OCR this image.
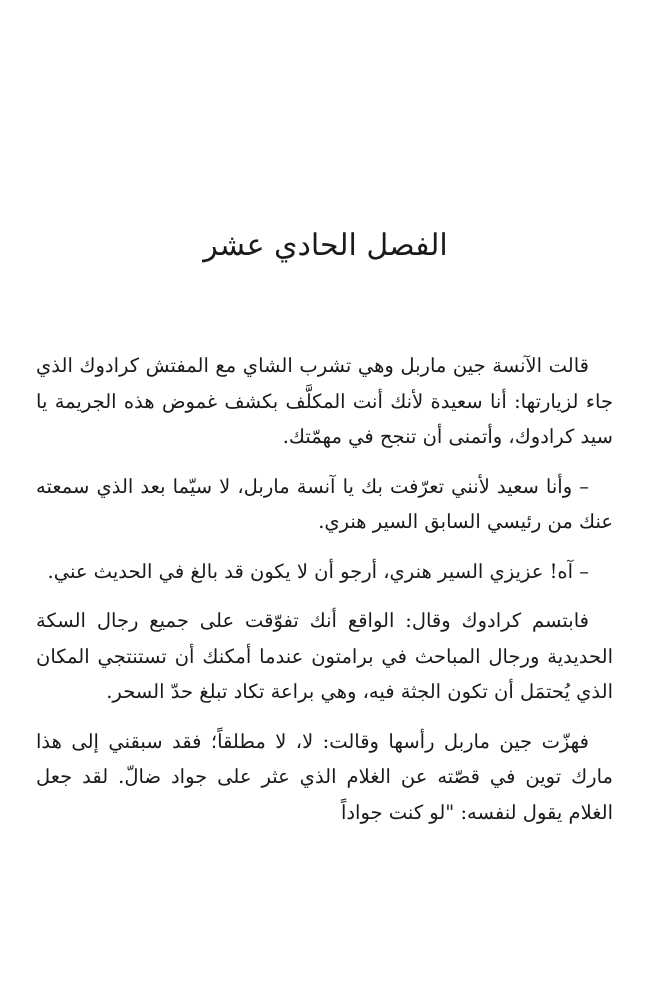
الفصل الحادي عشر

قالت الآنسة جين ماربل وهي تشرب الشاي مع المفتش كرادوك الذي جاء لزيارتها: أنا سعيدة لأنك أنت المكلَّف بكشف غموض هذه الجريمة يا سيد كرادوك، وأتمنى أن تنجح في مهمّتك.

– وأنا سعيد لأنني تعرّفت بك يا آنسة ماربل، لا سيّما بعد الذي سمعته عنك من رئيسي السابق السير هنري.

– آه! عزيزي السير هنري، أرجو أن لا يكون قد بالغ في الحديث عني.

فابتسم كرادوك وقال: الواقع أنك تفوّقت على جميع رجال السكة الحديدية ورجال المباحث في برامتون عندما أمكنك أن تستنتجي المكان الذي يُحتمَل أن تكون الجثة فيه، وهي براعة تكاد تبلغ حدّ السحر.

فهزّت جين ماربل رأسها وقالت: لا، لا مطلقاً؛ فقد سبقني إلى هذا مارك توين في قصّته عن الغلام الذي عثر على جواد ضالّ. لقد جعل الغلام يقول لنفسه: "لو كنت جواداً
